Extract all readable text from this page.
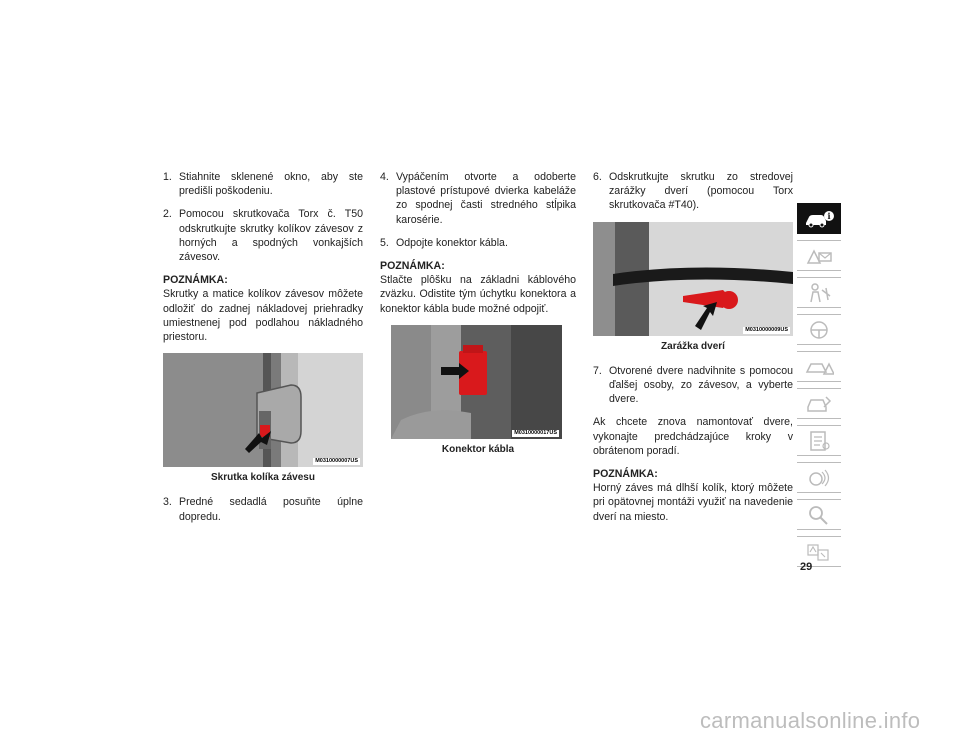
1. Stiahnite sklenené okno, aby ste predišli poškodeniu.
2. Pomocou skrutkovača Torx č. T50 odskrutkujte skrutky kolíkov závesov z horných a spodných vonkajších závesov.
POZNÁMKA:
Skrutky a matice kolíkov závesov môžete odložiť do zadnej nákladovej priehradky umiestnenej pod podlahou nákladného priestoru.
M0310000007US
Skrutka kolíka závesu
3. Predné sedadlá posuňte úplne dopredu.
4. Vypáčením otvorte a odoberte plastové prístupové dvierka kabeláže zo spodnej časti stredného stĺpika karosérie.
5. Odpojte konektor kábla.
POZNÁMKA:
Stlačte plôšku na základni káblového zväzku. Odistite tým úchytku konektora a konektor kábla bude možné odpojiť.
M0310000017US
Konektor kábla
6. Odskrutkujte skrutku zo stredovej zarážky dverí (pomocou Torx skrutkovača #T40).
M0310000009US
Zarážka dverí
7. Otvorené dvere nadvihnite s pomocou ďalšej osoby, zo závesov, a vyberte dvere.
Ak chcete znova namontovať dvere, vykonajte predchádzajúce kroky v obrátenom poradí.
POZNÁMKA:
Horný záves má dlhší kolík, ktorý môžete pri opätovnej montáži využiť na navedenie dverí na miesto.
i
29
carmanualsonline.info
